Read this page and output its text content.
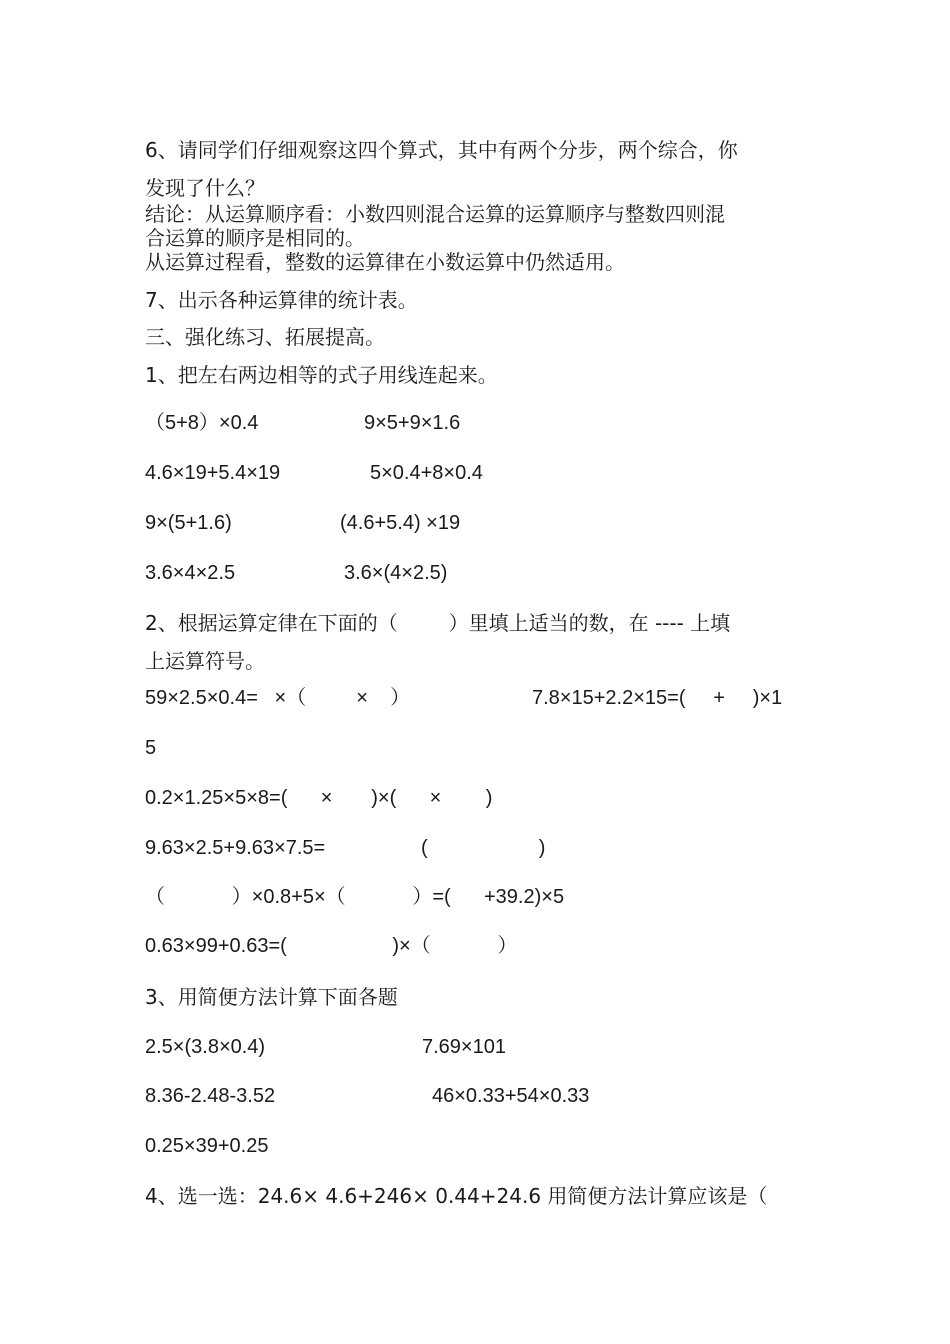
6、请同学们仔细观察这四个算式，其中有两个分步，两个综合，你

发现了什么？

结论：从运算顺序看：小数四则混合运算的运算顺序与整数四则混

合运算的顺序是相同的。

从运算过程看，整数的运算律在小数运算中仍然适用。

7、出示各种运算律的统计表。

三、强化练习、拓展提高。

1、把左右两边相等的式子用线连起来。

（5+8）×0.4	9×5+9×1.6
4.6×19+5.4×19	5×0.4+8×0.4
9×(5+1.6)	(4.6+5.4) ×19
3.6×4×2.5	3.6×(4×2.5)

2、根据运算定律在下面的（        ）里填上适当的数，在 ---- 上填

上运算符号。

59×2.5×0.4=   ×（         ×    ）	7.8×15+2.2×15=(     +     )×1
5
0.2×1.25×5×8=(      ×       )×(      ×        )
9.63×2.5+9.63×7.5=	(                    )
（            ）×0.8+5×（            ）=(      +39.2)×5
0.63×99+0.63=(                   )×（            ）

3、用简便方法计算下面各题

2.5×(3.8×0.4)	7.69×101
8.36-2.48-3.52	46×0.33+54×0.33
0.25×39+0.25

4、选一选：24.6× 4.6+246× 0.44+24.6 用简便方法计算应该是（
